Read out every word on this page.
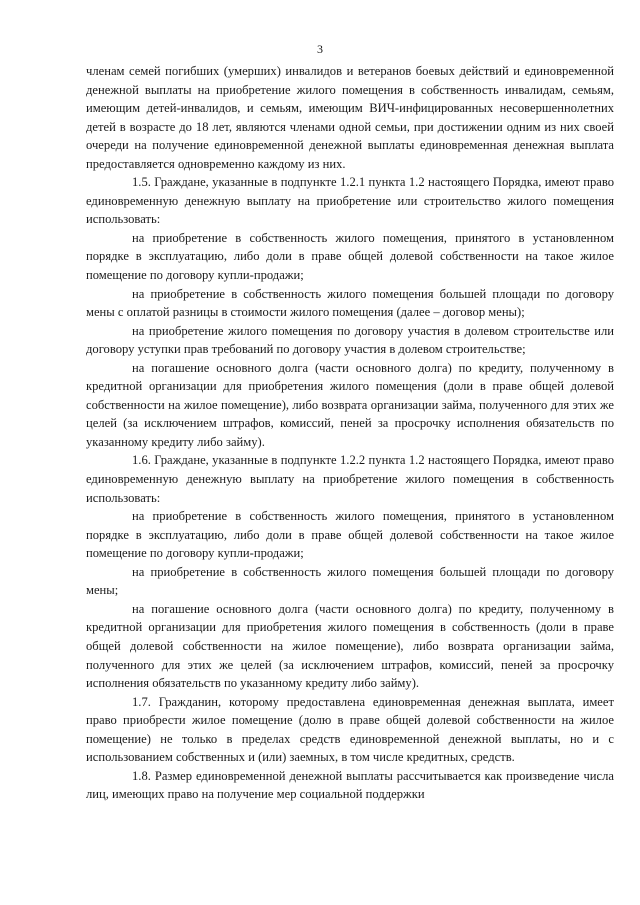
3

членам семей погибших (умерших) инвалидов и ветеранов боевых действий и единовременной денежной выплаты на приобретение жилого помещения в собственность инвалидам, семьям, имеющим детей-инвалидов, и семьям, имеющим ВИЧ-инфицированных несовершеннолетних детей в возрасте до 18 лет, являются членами одной семьи, при достижении одним из них своей очереди на получение единовременной денежной выплаты единовременная денежная выплата предоставляется одновременно каждому из них.

1.5. Граждане, указанные в подпункте 1.2.1 пункта 1.2 настоящего Порядка, имеют право единовременную денежную выплату на приобретение или строительство жилого помещения использовать:

на приобретение в собственность жилого помещения, принятого в установленном порядке в эксплуатацию, либо доли в праве общей долевой собственности на такое жилое помещение по договору купли-продажи;

на приобретение в собственность жилого помещения большей площади по договору мены с оплатой разницы в стоимости жилого помещения (далее – договор мены);

на приобретение жилого помещения по договору участия в долевом строительстве или договору уступки прав требований по договору участия в долевом строительстве;

на погашение основного долга (части основного долга) по кредиту, полученному в кредитной организации для приобретения жилого помещения (доли в праве общей долевой собственности на жилое помещение), либо возврата организации займа, полученного для этих же целей (за исключением штрафов, комиссий, пеней за просрочку исполнения обязательств по указанному кредиту либо займу).

1.6. Граждане, указанные в подпункте 1.2.2 пункта 1.2 настоящего Порядка, имеют право единовременную денежную выплату на приобретение жилого помещения в собственность использовать:

на приобретение в собственность жилого помещения, принятого в установленном порядке в эксплуатацию, либо доли в праве общей долевой собственности на такое жилое помещение по договору купли-продажи;

на приобретение в собственность жилого помещения большей площади по договору мены;

на погашение основного долга (части основного долга) по кредиту, полученному в кредитной организации для приобретения жилого помещения в собственность (доли в праве общей долевой собственности на жилое помещение), либо возврата организации займа, полученного для этих же целей (за исключением штрафов, комиссий, пеней за просрочку исполнения обязательств по указанному кредиту либо займу).

1.7. Гражданин, которому предоставлена единовременная денежная выплата, имеет право приобрести жилое помещение (долю в праве общей долевой собственности на жилое помещение) не только в пределах средств единовременной денежной выплаты, но и с использованием собственных и (или) заемных, в том числе кредитных, средств.

1.8. Размер единовременной денежной выплаты рассчитывается как произведение числа лиц, имеющих право на получение мер социальной поддержки
